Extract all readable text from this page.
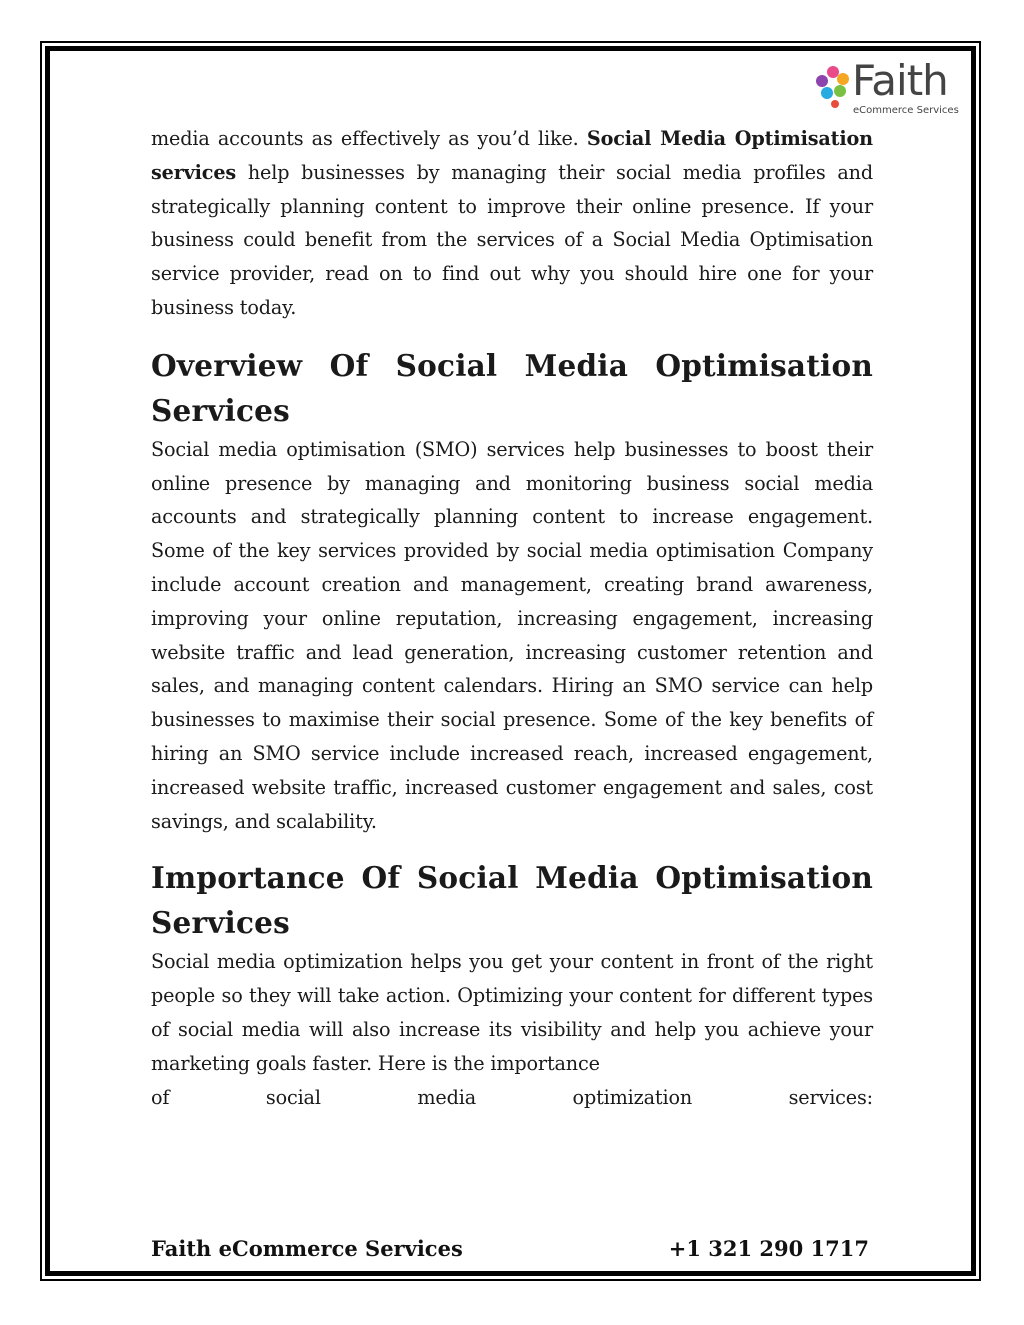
Faith
eCommerce Services

media accounts as effectively as you’d like. Social Media Optimisation services help businesses by managing their social media profiles and strategically planning content to improve their online presence. If your business could benefit from the services of a Social Media Optimisation service provider, read on to find out why you should hire one for your business today.

Overview Of Social Media Optimisation Services

Social media optimisation (SMO) services help businesses to boost their online presence by managing and monitoring business social media accounts and strategically planning content to increase engagement. Some of the key services provided by social media optimisation Company include account creation and management, creating brand awareness, improving your online reputation, increasing engagement, increasing website traffic and lead generation, increasing customer retention and sales, and managing content calendars. Hiring an SMO service can help businesses to maximise their social presence. Some of the key benefits of hiring an SMO service include increased reach, increased engagement, increased website traffic, increased customer engagement and sales, cost savings, and scalability.

Importance Of Social Media Optimisation Services

Social media optimization helps you get your content in front of the right people so they will take action. Optimizing your content for different types of social media will also increase its visibility and help you achieve your marketing goals faster. Here is the importance

of social media optimization services:

Faith eCommerce Services	+1 321 290 1717
